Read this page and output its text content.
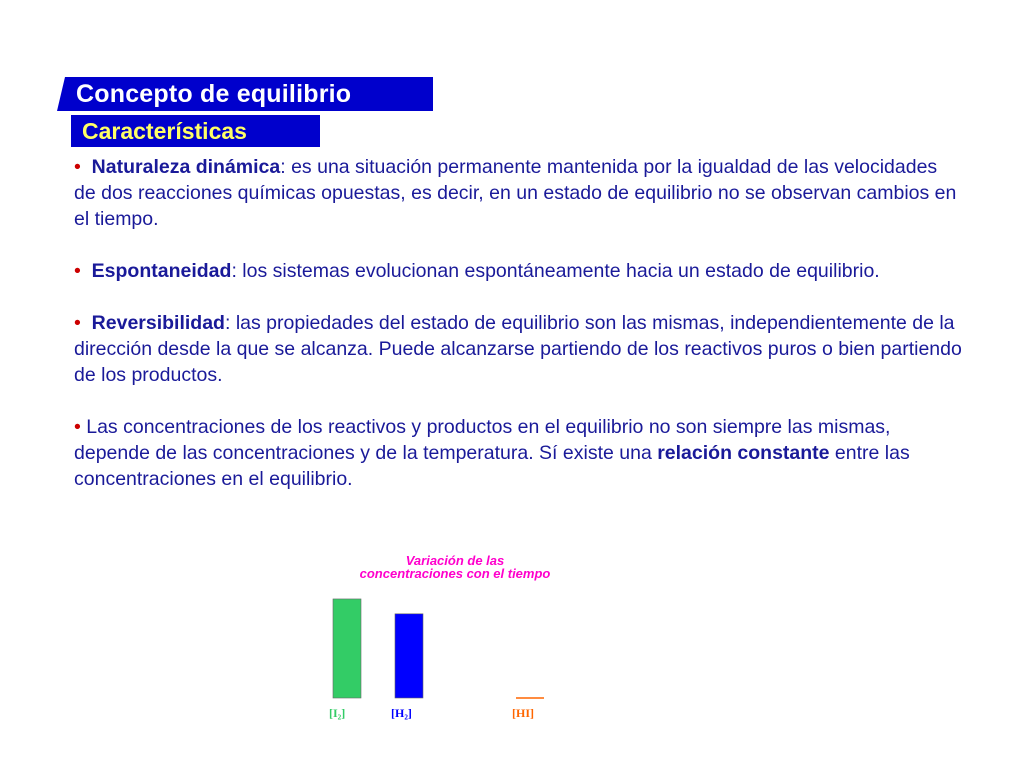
Concepto de equilibrio
Características

• Naturaleza dinámica: es una situación permanente mantenida por la igualdad de las velocidades de dos reacciones químicas opuestas, es decir, en un estado de equilibrio no se observan cambios en el tiempo.

• Espontaneidad: los sistemas evolucionan espontáneamente hacia un estado de equilibrio.

• Reversibilidad: las propiedades del estado de equilibrio son las mismas, independientemente de la dirección desde la que se alcanza. Puede alcanzarse partiendo de los reactivos puros o bien partiendo de los productos.

• Las concentraciones de los reactivos y productos en el equilibrio no son siempre las mismas, depende de las concentraciones y de la temperatura. Sí existe una relación constante entre las concentraciones en el equilibrio.

Variación de las
concentraciones con el tiempo
[I₂]	[H₂]	[HI]
